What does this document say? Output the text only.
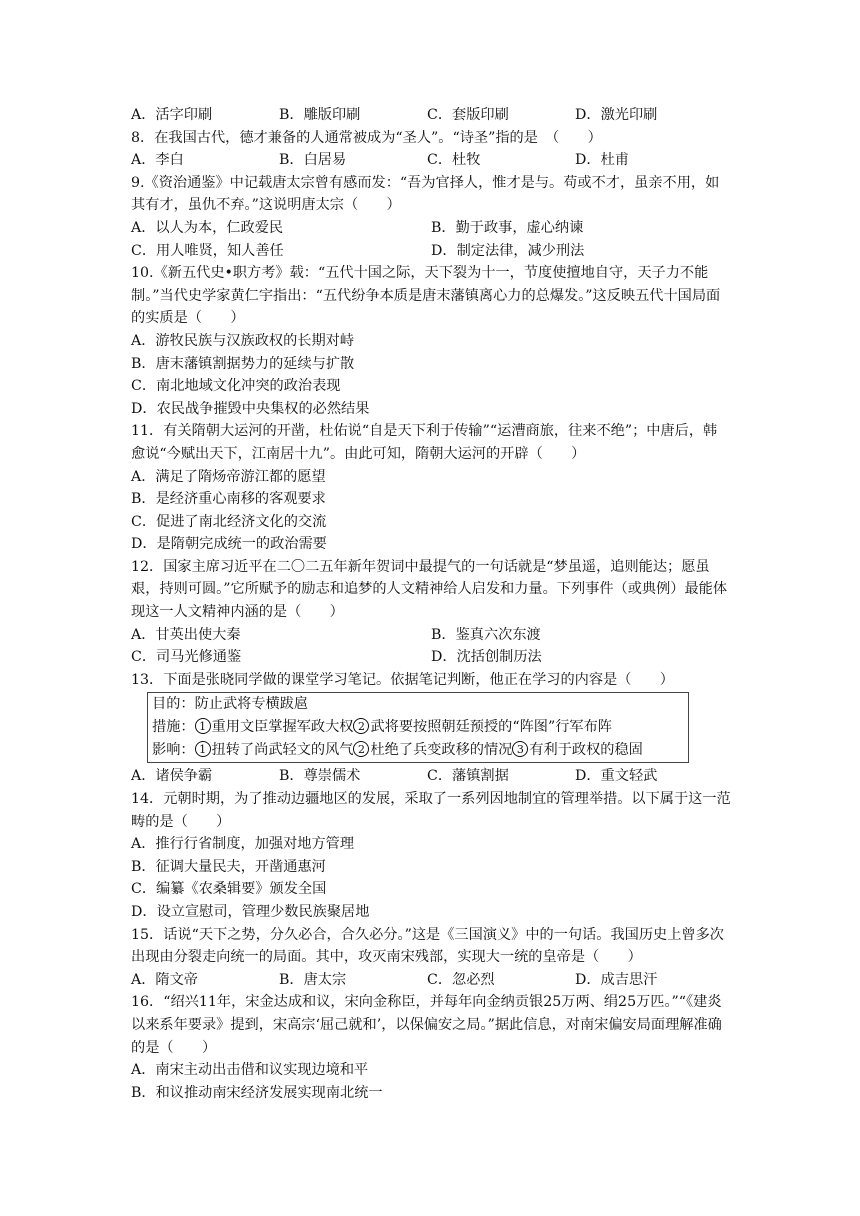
A．活字印刷	B．雕版印刷	C．套版印刷	D．激光印刷
8．在我国古代，德才兼备的人通常被成为“圣人”。“诗圣”指的是　（　　）
A．李白	B．白居易	C．杜牧	D．杜甫
9.《资治通鉴》中记载唐太宗曾有感而发：“吾为官择人，惟才是与。苟或不才，虽亲不用，如其有才，虽仇不弃。”这说明唐太宗（　　）
A．以人为本，仁政爱民	B．勤于政事，虚心纳谏
C．用人唯贤，知人善任	D．制定法律，减少刑法
10.《新五代史•职方考》载：“五代十国之际，天下裂为十一，节度使擅地自守，天子力不能制。”当代史学家黄仁宇指出：“五代纷争本质是唐末藩镇离心力的总爆发。”这反映五代十国局面的实质是（　　）
A．游牧民族与汉族政权的长期对峙
B．唐末藩镇割据势力的延续与扩散
C．南北地域文化冲突的政治表现
D．农民战争摧毁中央集权的必然结果
11．有关隋朝大运河的开凿，杜佑说“自是天下利于传输”“运漕商旅，往来不绝”；中唐后，韩愈说“今赋出天下，江南居十九”。由此可知，隋朝大运河的开辟（　　）
A．满足了隋炀帝游江都的愿望
B．是经济重心南移的客观要求
C．促进了南北经济文化的交流
D．是隋朝完成统一的政治需要
12．国家主席习近平在二〇二五年新年贺词中最提气的一句话就是“梦虽遥，追则能达；愿虽艰，持则可圆。”它所赋予的励志和追梦的人文精神给人启发和力量。下列事件（或典例）最能体现这一人文精神内涵的是（　　）
A．甘英出使大秦	B．鉴真六次东渡
C．司马光修通鉴	D．沈括创制历法
13．下面是张晓同学做的课堂学习笔记。依据笔记判断，他正在学习的内容是（　　）
目的：防止武将专横跋扈
措施： 1 重用文臣掌握军政大权 2 武将要按照朝廷预授的“阵图”行军布阵
影响： 1 扭转了尚武轻文的风气 2 杜绝了兵变政移的情况 3 有利于政权的稳固
A．诸侯争霸	B．尊崇儒术	C．藩镇割据	D．重文轻武
14．元朝时期，为了推动边疆地区的发展，采取了一系列因地制宜的管理举措。以下属于这一范畴的是（　　）
A．推行行省制度，加强对地方管理
B．征调大量民夫，开凿通惠河
C．编纂《农桑辑要》颁发全国
D．设立宣慰司，管理少数民族聚居地
15．话说“天下之势，分久必合，合久必分。”这是《三国演义》中的一句话。我国历史上曾多次出现由分裂走向统一的局面。其中，攻灭南宋残部，实现大一统的皇帝是（　　）
A．隋文帝	B．唐太宗	C．忽必烈	D．成吉思汗
16．“绍兴11年，宋金达成和议，宋向金称臣，并每年向金纳贡银25万两、绢25万匹。”“《建炎以来系年要录》提到，宋高宗‘屈己就和’，以保偏安之局。”据此信息，对南宋偏安局面理解准确的是（　　）
A．南宋主动出击借和议实现边境和平
B．和议推动南宋经济发展实现南北统一
